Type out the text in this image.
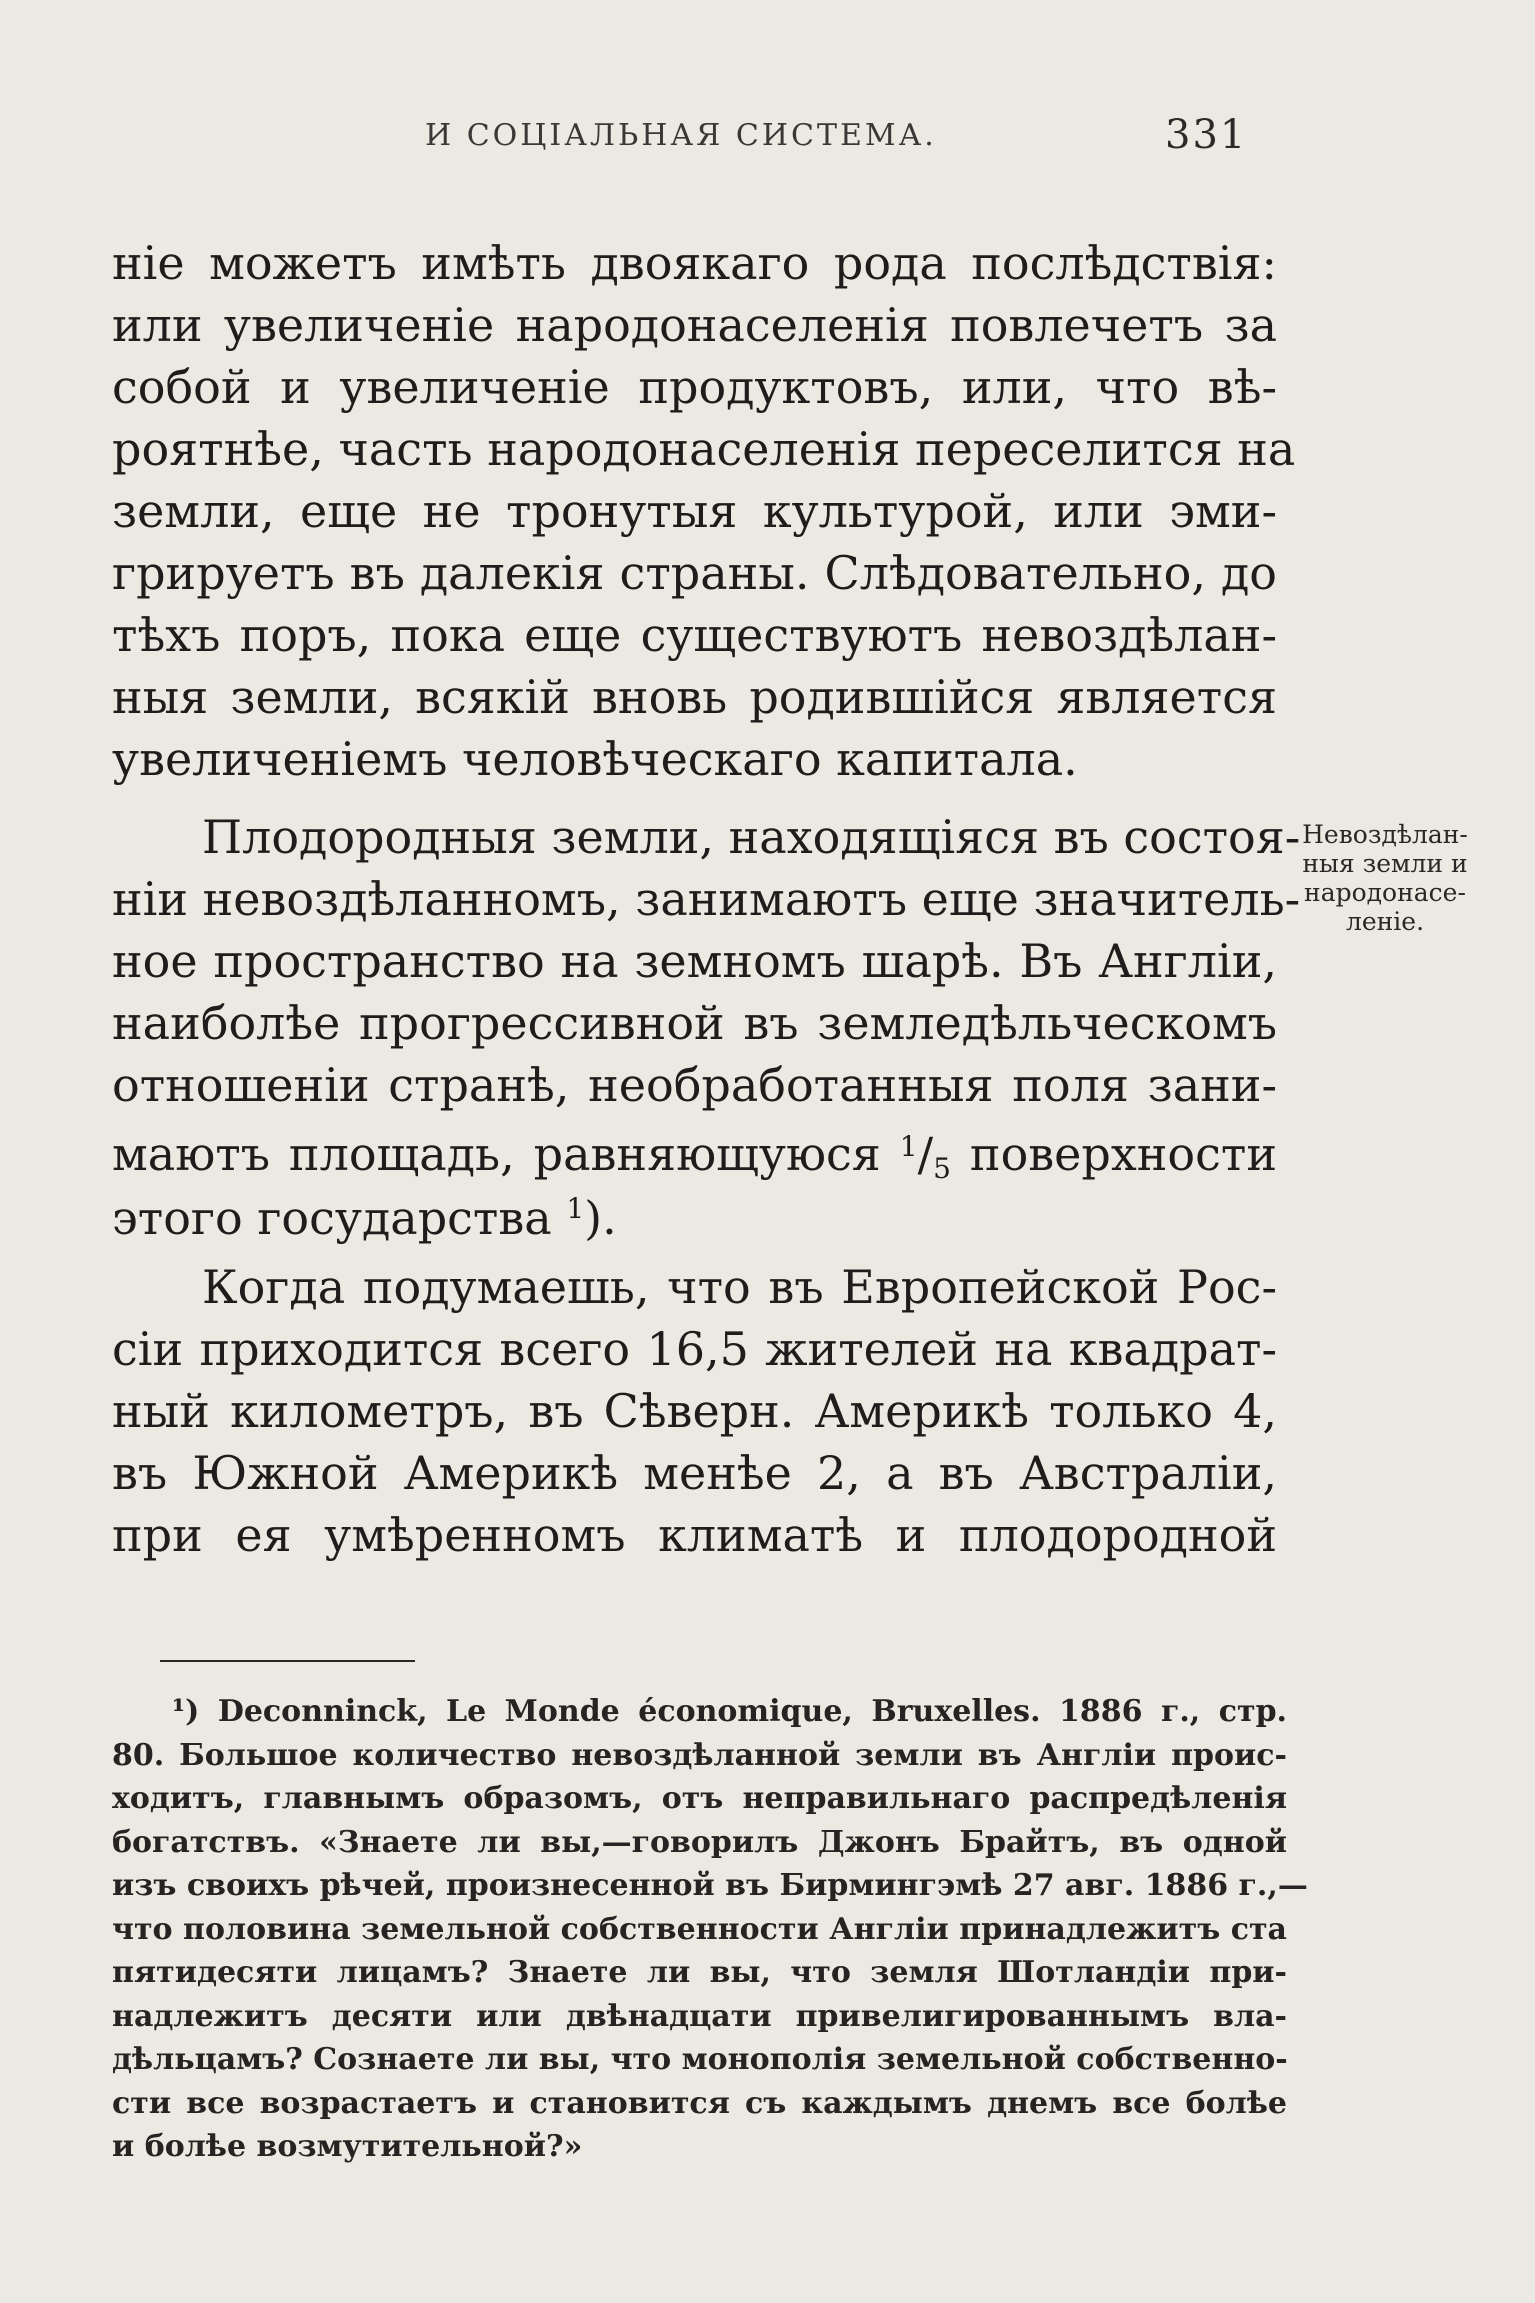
И СОЦІАЛЬНАЯ СИСТЕМА.	331
ніе можетъ имѣть двоякаго рода послѣдствія:
или увеличеніе народонаселенія повлечетъ за
собой и увеличеніе продуктовъ, или, что вѣ-
роятнѣе, часть народонаселенія переселится на
земли, еще не тронутыя культурой, или эми-
грируетъ въ далекія страны. Слѣдовательно, до
тѣхъ поръ, пока еще существуютъ невоздѣлан-
ныя земли, всякій вновь родившійся является
увеличеніемъ человѣческаго капитала.
Плодородныя земли, находящіяся въ состоя-
ніи невоздѣланномъ, занимаютъ еще значитель-
ное пространство на земномъ шарѣ. Въ Англіи,
наиболѣе прогрессивной въ земледѣльческомъ
отношеніи странѣ, необработанныя поля зани-
маютъ площадь, равняющуюся $^1/_5$ поверхности
этого государства $^1$).
Когда подумаешь, что въ Европейской Рос-
сіи приходится всего 16,5 жителей на квадрат-
ный километръ, въ Сѣверн. Америкѣ только 4,
въ Южной Америкѣ менѣе 2, а въ Австраліи,
при ея умѣренномъ климатѣ и плодородной
Невоздѣлан-
ныя земли и
народонасе-
леніе.
¹) Deconninck, Le Monde économique, Bruxelles. 1886 г., стр.
80. Большое количество невоздѣланной земли въ Англіи проис-
ходитъ, главнымъ образомъ, отъ неправильнаго распредѣленія
богатствъ. «Знаете ли вы,—говорилъ Джонъ Брайтъ, въ одной
изъ своихъ рѣчей, произнесенной въ Бирмингэмѣ 27 авг. 1886 г.,—
что половина земельной собственности Англіи принадлежитъ ста
пятидесяти лицамъ? Знаете ли вы, что земля Шотландіи при-
надлежитъ десяти или двѣнадцати привелигированнымъ вла-
дѣльцамъ? Сознаете ли вы, что монополія земельной собственно-
сти все возрастаетъ и становится съ каждымъ днемъ все болѣе
и болѣе возмутительной?»
